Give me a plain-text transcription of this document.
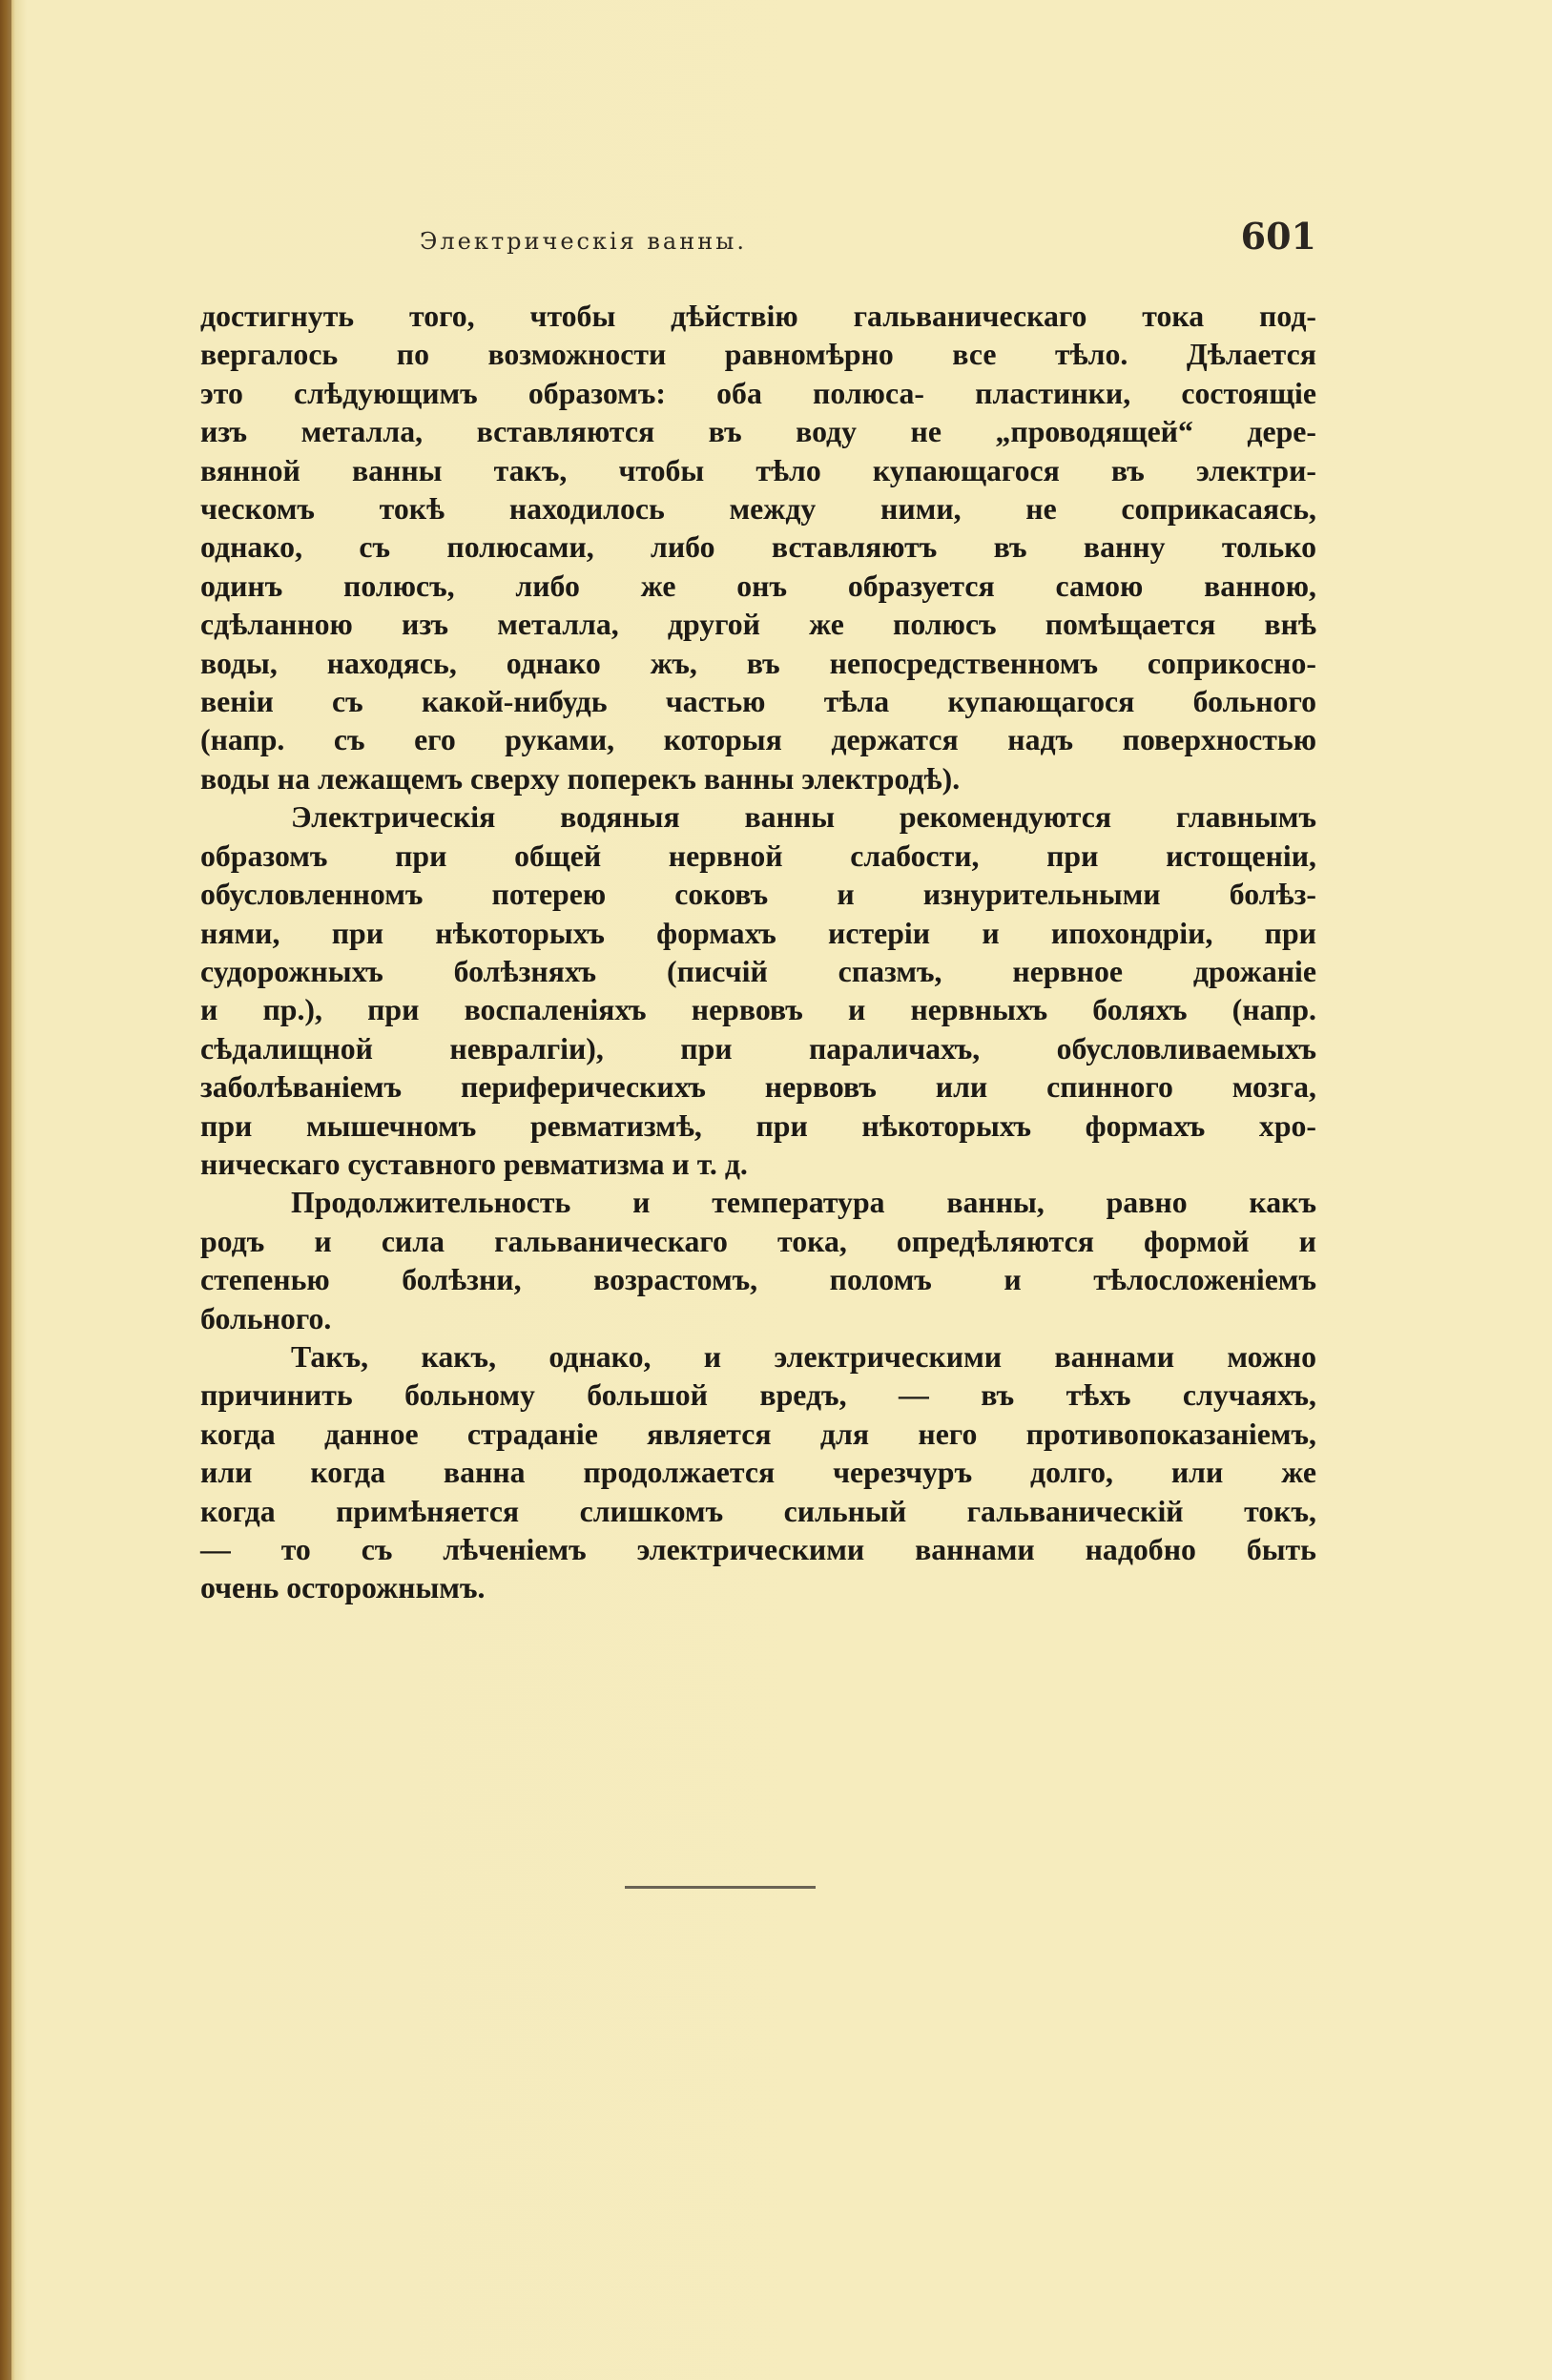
Электрическія ванны.	601
достигнуть того, чтобы дѣйствію гальваническаго тока под-
вергалось по возможности равномѣрно все тѣло. Дѣлается
это слѣдующимъ образомъ: оба полюса- пластинки, состоящіе
изъ металла, вставляются въ воду не „проводящей“ дере-
вянной ванны такъ, чтобы тѣло купающагося въ электри-
ческомъ токѣ находилось между ними, не соприкасаясь,
однако, съ полюсами, либо вставляютъ въ ванну только
одинъ полюсъ, либо же онъ образуется самою ванною,
сдѣланною изъ металла, другой же полюсъ помѣщается внѣ
воды, находясь, однако жъ, въ непосредственномъ соприкосно-
веніи съ какой-нибудь частью тѣла купающагося больного
(напр. съ его руками, которыя держатся надъ поверхностью
воды на лежащемъ сверху поперекъ ванны электродѣ).
Электрическія водяныя ванны рекомендуются главнымъ
образомъ при общей нервной слабости, при истощеніи,
обусловленномъ потерею соковъ и изнурительными болѣз-
нями, при нѣкоторыхъ формахъ истеріи и ипохондріи, при
судорожныхъ болѣзняхъ (писчій спазмъ, нервное дрожаніе
и пр.), при воспаленіяхъ нервовъ и нервныхъ боляхъ (напр.
сѣдалищной невралгіи), при параличахъ, обусловливаемыхъ
заболѣваніемъ периферическихъ нервовъ или спинного мозга,
при мышечномъ ревматизмѣ, при нѣкоторыхъ формахъ хро-
ническаго суставного ревматизма и т. д.
Продолжительность и температура ванны, равно какъ
родъ и сила гальваническаго тока, опредѣляются формой и
степенью болѣзни, возрастомъ, поломъ и тѣлосложеніемъ
больного.
Такъ, какъ, однако, и электрическими ваннами можно
причинить больному большой вредъ, — въ тѣхъ случаяхъ,
когда данное страданіе является для него противопоказаніемъ,
или когда ванна продолжается черезчуръ долго, или же
когда примѣняется слишкомъ сильный гальваническій токъ,
— то съ лѣченіемъ электрическими ваннами надобно быть
очень осторожнымъ.
